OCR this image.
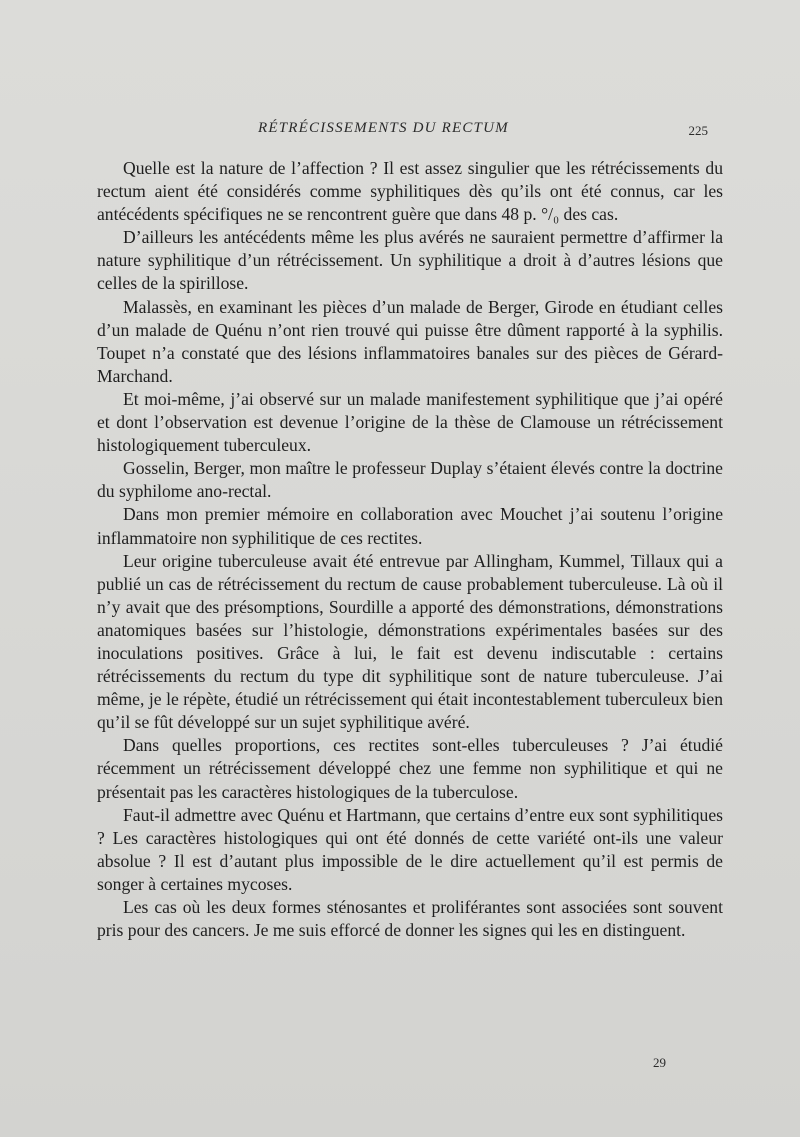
RÉTRÉCISSEMENTS DU RECTUM	225

Quelle est la nature de l’affection ? Il est assez singulier que les rétrécissements du rectum aient été considérés comme syphilitiques dès qu’ils ont été connus, car les antécédents spécifiques ne se rencontrent guère que dans 48 p. °/₀ des cas.

D’ailleurs les antécédents même les plus avérés ne sauraient permettre d’affirmer la nature syphilitique d’un rétrécissement. Un syphilitique a droit à d’autres lésions que celles de la spirillose.

Malassès, en examinant les pièces d’un malade de Berger, Girode en étudiant celles d’un malade de Quénu n’ont rien trouvé qui puisse être dûment rapporté à la syphilis. Toupet n’a constaté que des lésions inflammatoires banales sur des pièces de Gérard-Marchand.

Et moi-même, j’ai observé sur un malade manifestement syphilitique que j’ai opéré et dont l’observation est devenue l’origine de la thèse de Clamouse un rétrécissement histologiquement tuberculeux.

Gosselin, Berger, mon maître le professeur Duplay s’étaient élevés contre la doctrine du syphilome ano-rectal.

Dans mon premier mémoire en collaboration avec Mouchet j’ai soutenu l’origine inflammatoire non syphilitique de ces rectites.

Leur origine tuberculeuse avait été entrevue par Allingham, Kummel, Tillaux qui a publié un cas de rétrécissement du rectum de cause probablement tuberculeuse. Là où il n’y avait que des présomptions, Sourdille a apporté des démonstrations, démonstrations anatomiques basées sur l’histologie, démonstrations expérimentales basées sur des inoculations positives. Grâce à lui, le fait est devenu indiscutable : certains rétrécissements du rectum du type dit syphilitique sont de nature tuberculeuse. J’ai même, je le répète, étudié un rétrécissement qui était incontestablement tuberculeux bien qu’il se fût développé sur un sujet syphilitique avéré.

Dans quelles proportions, ces rectites sont-elles tuberculeuses ? J’ai étudié récemment un rétrécissement développé chez une femme non syphilitique et qui ne présentait pas les caractères histologiques de la tuberculose.

Faut-il admettre avec Quénu et Hartmann, que certains d’entre eux sont syphilitiques ? Les caractères histologiques qui ont été donnés de cette variété ont-ils une valeur absolue ? Il est d’autant plus impossible de le dire actuellement qu’il est permis de songer à certaines mycoses.

Les cas où les deux formes sténosantes et proliférantes sont associées sont souvent pris pour des cancers. Je me suis efforcé de donner les signes qui les en distinguent.

29
